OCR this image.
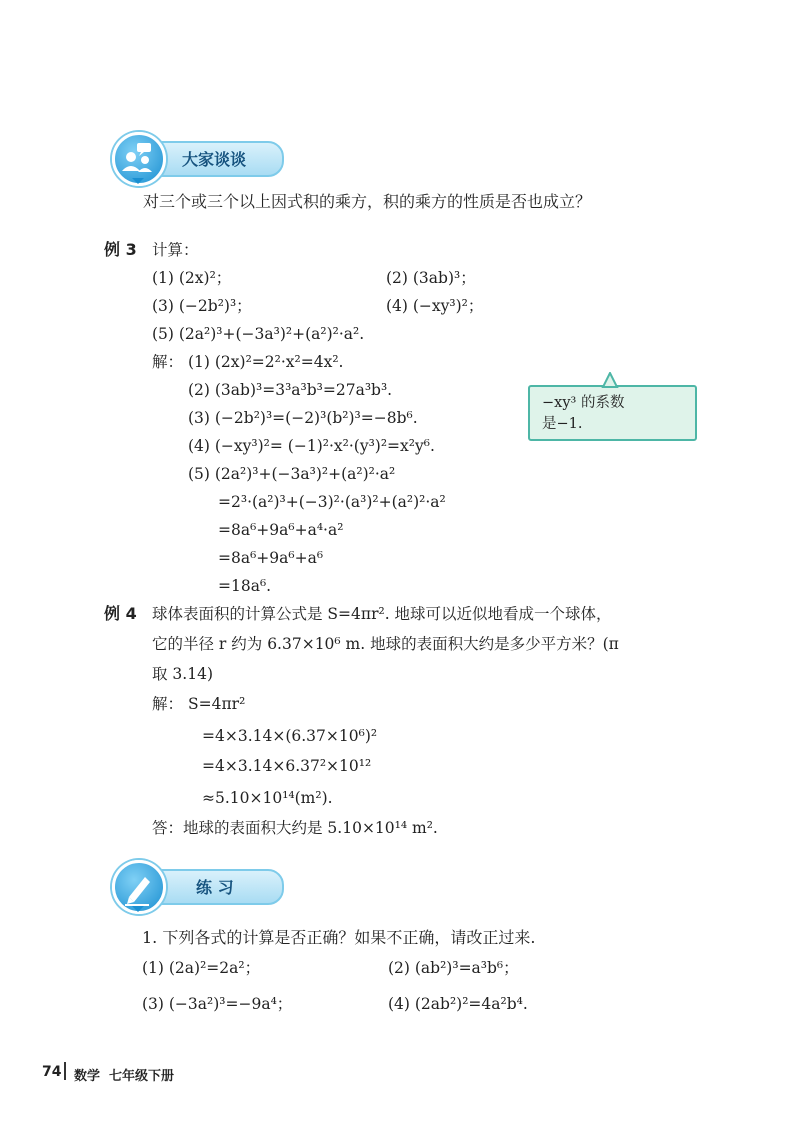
大家谈谈
对三个或三个以上因式积的乘方，积的乘方的性质是否也成立？
例 3 计算：
(1) (2x)²；	(2) (3ab)³；
(3) (−2b²)³；	(4) (−xy³)²；
(5) (2a²)³+(−3a³)²+(a²)²·a².
解： (1) (2x)²=2²·x²=4x².
(2) (3ab)³=3³a³b³=27a³b³.
(3) (−2b²)³=(−2)³(b²)³=−8b⁶.
(4) (−xy³)²= (−1)²·x²·(y³)²=x²y⁶.
(5) (2a²)³+(−3a³)²+(a²)²·a²
=2³·(a²)³+(−3)²·(a³)²+(a²)²·a²
=8a⁶+9a⁶+a⁴·a²
=8a⁶+9a⁶+a⁶
=18a⁶.
−xy³ 的系数
是−1.
例 4 球体表面积的计算公式是 S=4πr². 地球可以近似地看成一个球体，
它的半径 r 约为 6.37×10⁶ m. 地球的表面积大约是多少平方米？(π
取 3.14)
解： S=4πr²
=4×3.14×(6.37×10⁶)²
=4×3.14×6.37²×10¹²
≈5.10×10¹⁴(m²).
答：地球的表面积大约是 5.10×10¹⁴ m².
练 习
1. 下列各式的计算是否正确？如果不正确，请改正过来.
(1) (2a)²=2a²；	(2) (ab²)³=a³b⁶；
(3) (−3a²)³=−9a⁴；	(4) (2ab²)²=4a²b⁴.
74 数学  七年级下册
